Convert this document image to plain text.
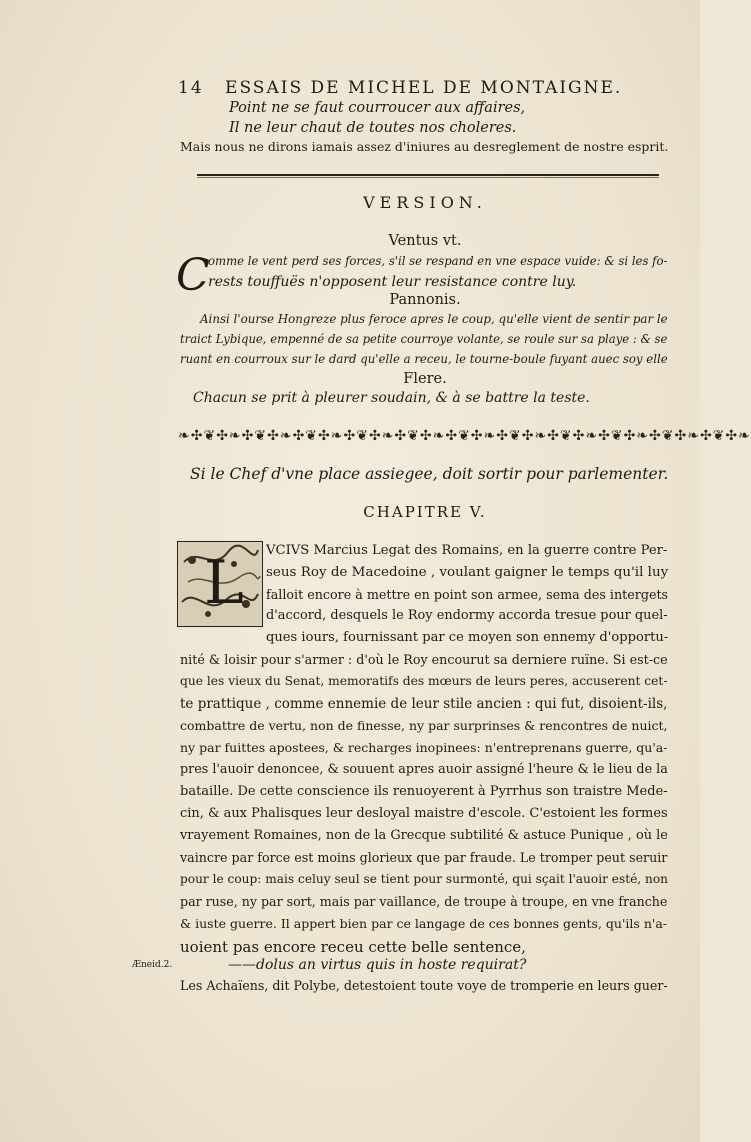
14 ESSAIS DE MICHEL DE MONTAIGNE.
Point ne se faut courroucer aux affaires,
Il ne leur chaut de toutes nos choleres.
Mais nous ne dirons iamais assez d'iniures au desreglement de nostre esprit.
VERSION.
Ventus vt.
C
omme le vent perd ses forces, s'il se respand en vne espace vuide: & si les fo-
rests touffuës n'opposent leur resistance contre luy.
Pannonis.
Ainsi l'ourse Hongreze plus feroce apres le coup, qu'elle vient de sentir par le
traict Lybique, empenné de sa petite courroye volante, se roule sur sa playe : & se
ruant en courroux sur le dard qu'elle a receu, le tourne-boule fuyant auec soy elle
Flere.
Chacun se prit à pleurer soudain, & à se battre la teste.
❧✣❦✣❧✣❦✣❧✣❦✣❧✣❦✣❧✣❦✣❧✣❦✣❧✣❦✣❧✣❦✣❧✣❦✣❧✣❦✣❧✣❦✣❧
Si le Chef d'vne place assiegee, doit sortir pour parlementer.
CHAPITRE V.
L VCIVS Marcius Legat des Romains, en la guerre contre Per-
seus Roy de Macedoine , voulant gaigner le temps qu'il luy
falloit encore à mettre en point son armee, sema des intergets
d'accord, desquels le Roy endormy accorda tresue pour quel-
ques iours, fournissant par ce moyen son ennemy d'opportu-
nité & loisir pour s'armer : d'où le Roy encourut sa derniere ruïne. Si est-ce
que les vieux du Senat, memoratifs des mœurs de leurs peres, accuserent cet-
te prattique , comme ennemie de leur stile ancien : qui fut, disoient-ils,
combattre de vertu, non de finesse, ny par surprinses & rencontres de nuict,
ny par fuittes apostees, & recharges inopinees: n'entreprenans guerre, qu'a-
pres l'auoir denoncee, & souuent apres auoir assigné l'heure & le lieu de la
bataille. De cette conscience ils renuoyerent à Pyrrhus son traistre Mede-
cin, & aux Phalisques leur desloyal maistre d'escole. C'estoient les formes
vrayement Romaines, non de la Grecque subtilité & astuce Punique , où le
vaincre par force est moins glorieux que par fraude. Le tromper peut seruir
pour le coup: mais celuy seul se tient pour surmonté, qui sçait l'auoir esté, non
par ruse, ny par sort, mais par vaillance, de troupe à troupe, en vne franche
& iuste guerre. Il appert bien par ce langage de ces bonnes gents, qu'ils n'a-
uoient pas encore receu cette belle sentence,
Æneid.2.	——dolus an virtus quis in hoste requirat?
Les Achaïens, dit Polybe, detestoient toute voye de tromperie en leurs guer-
